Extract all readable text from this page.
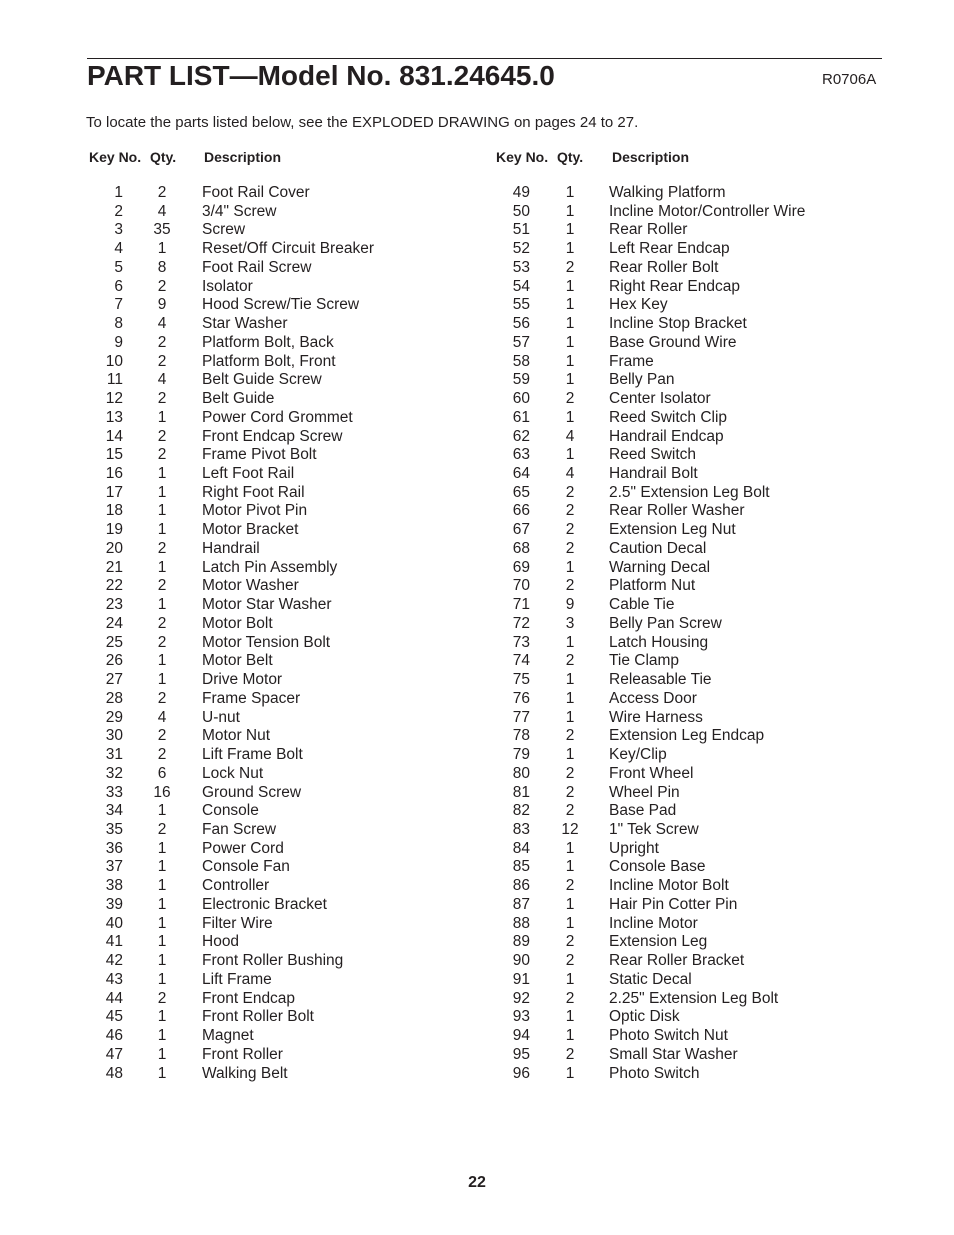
PART LIST—Model No. 831.24645.0	R0706A
To locate the parts listed below, see the EXPLODED DRAWING on pages 24 to 27.
Key No. Qty. Description	Key No. Qty. Description
1	2	Foot Rail Cover
2	4	3/4" Screw
3 35 Screw
4	1	Reset/Off Circuit Breaker
5	8	Foot Rail Screw
6	2	Isolator
7	9	Hood Screw/Tie Screw
8	4	Star Washer
9	2	Platform Bolt, Back
10	2	Platform Bolt, Front
11	4	Belt Guide Screw
12	2	Belt Guide
13	1	Power Cord Grommet
14	2	Front Endcap Screw
15	2	Frame Pivot Bolt
16	1	Left Foot Rail
17	1	Right Foot Rail
18	1	Motor Pivot Pin
19	1	Motor Bracket
20	2	Handrail
21	1	Latch Pin Assembly
22	2	Motor Washer
23	1	Motor Star Washer
24	2	Motor Bolt
25	2	Motor Tension Bolt
26	1	Motor Belt
27	1	Drive Motor
28	2	Frame Spacer
29	4	U-nut
30	2	Motor Nut
31	2	Lift Frame Bolt
32	6	Lock Nut
33 16 Ground Screw
34	1	Console
35	2	Fan Screw
36	1	Power Cord
37	1	Console Fan
38	1	Controller
39	1	Electronic Bracket
40	1	Filter Wire
41	1	Hood
42	1	Front Roller Bushing
43	1	Lift Frame
44	2	Front Endcap
45	1	Front Roller Bolt
46	1	Magnet
47	1	Front Roller
48	1	Walking Belt
49	1	Walking Platform
50	1	Incline Motor/Controller Wire
51	1	Rear Roller
52	1	Left Rear Endcap
53	2	Rear Roller Bolt
54	1	Right Rear Endcap
55	1	Hex Key
56	1	Incline Stop Bracket
57	1	Base Ground Wire
58	1	Frame
59	1	Belly Pan
60	2	Center Isolator
61	1	Reed Switch Clip
62	4	Handrail Endcap
63	1	Reed Switch
64	4	Handrail Bolt
65	2	2.5" Extension Leg Bolt
66	2	Rear Roller Washer
67	2	Extension Leg Nut
68	2	Caution Decal
69	1	Warning Decal
70	2	Platform Nut
71	9	Cable Tie
72	3	Belly Pan Screw
73	1	Latch Housing
74	2	Tie Clamp
75	1	Releasable Tie
76	1	Access Door
77	1	Wire Harness
78	2	Extension Leg Endcap
79	1	Key/Clip
80	2	Front Wheel
81	2	Wheel Pin
82	2	Base Pad
83 12 1" Tek Screw
84	1	Upright
85	1	Console Base
86	2	Incline Motor Bolt
87	1	Hair Pin Cotter Pin
88	1	Incline Motor
89	2	Extension Leg
90	2	Rear Roller Bracket
91	1	Static Decal
92	2	2.25" Extension Leg Bolt
93	1	Optic Disk
94	1	Photo Switch Nut
95	2	Small Star Washer
96	1	Photo Switch
22
